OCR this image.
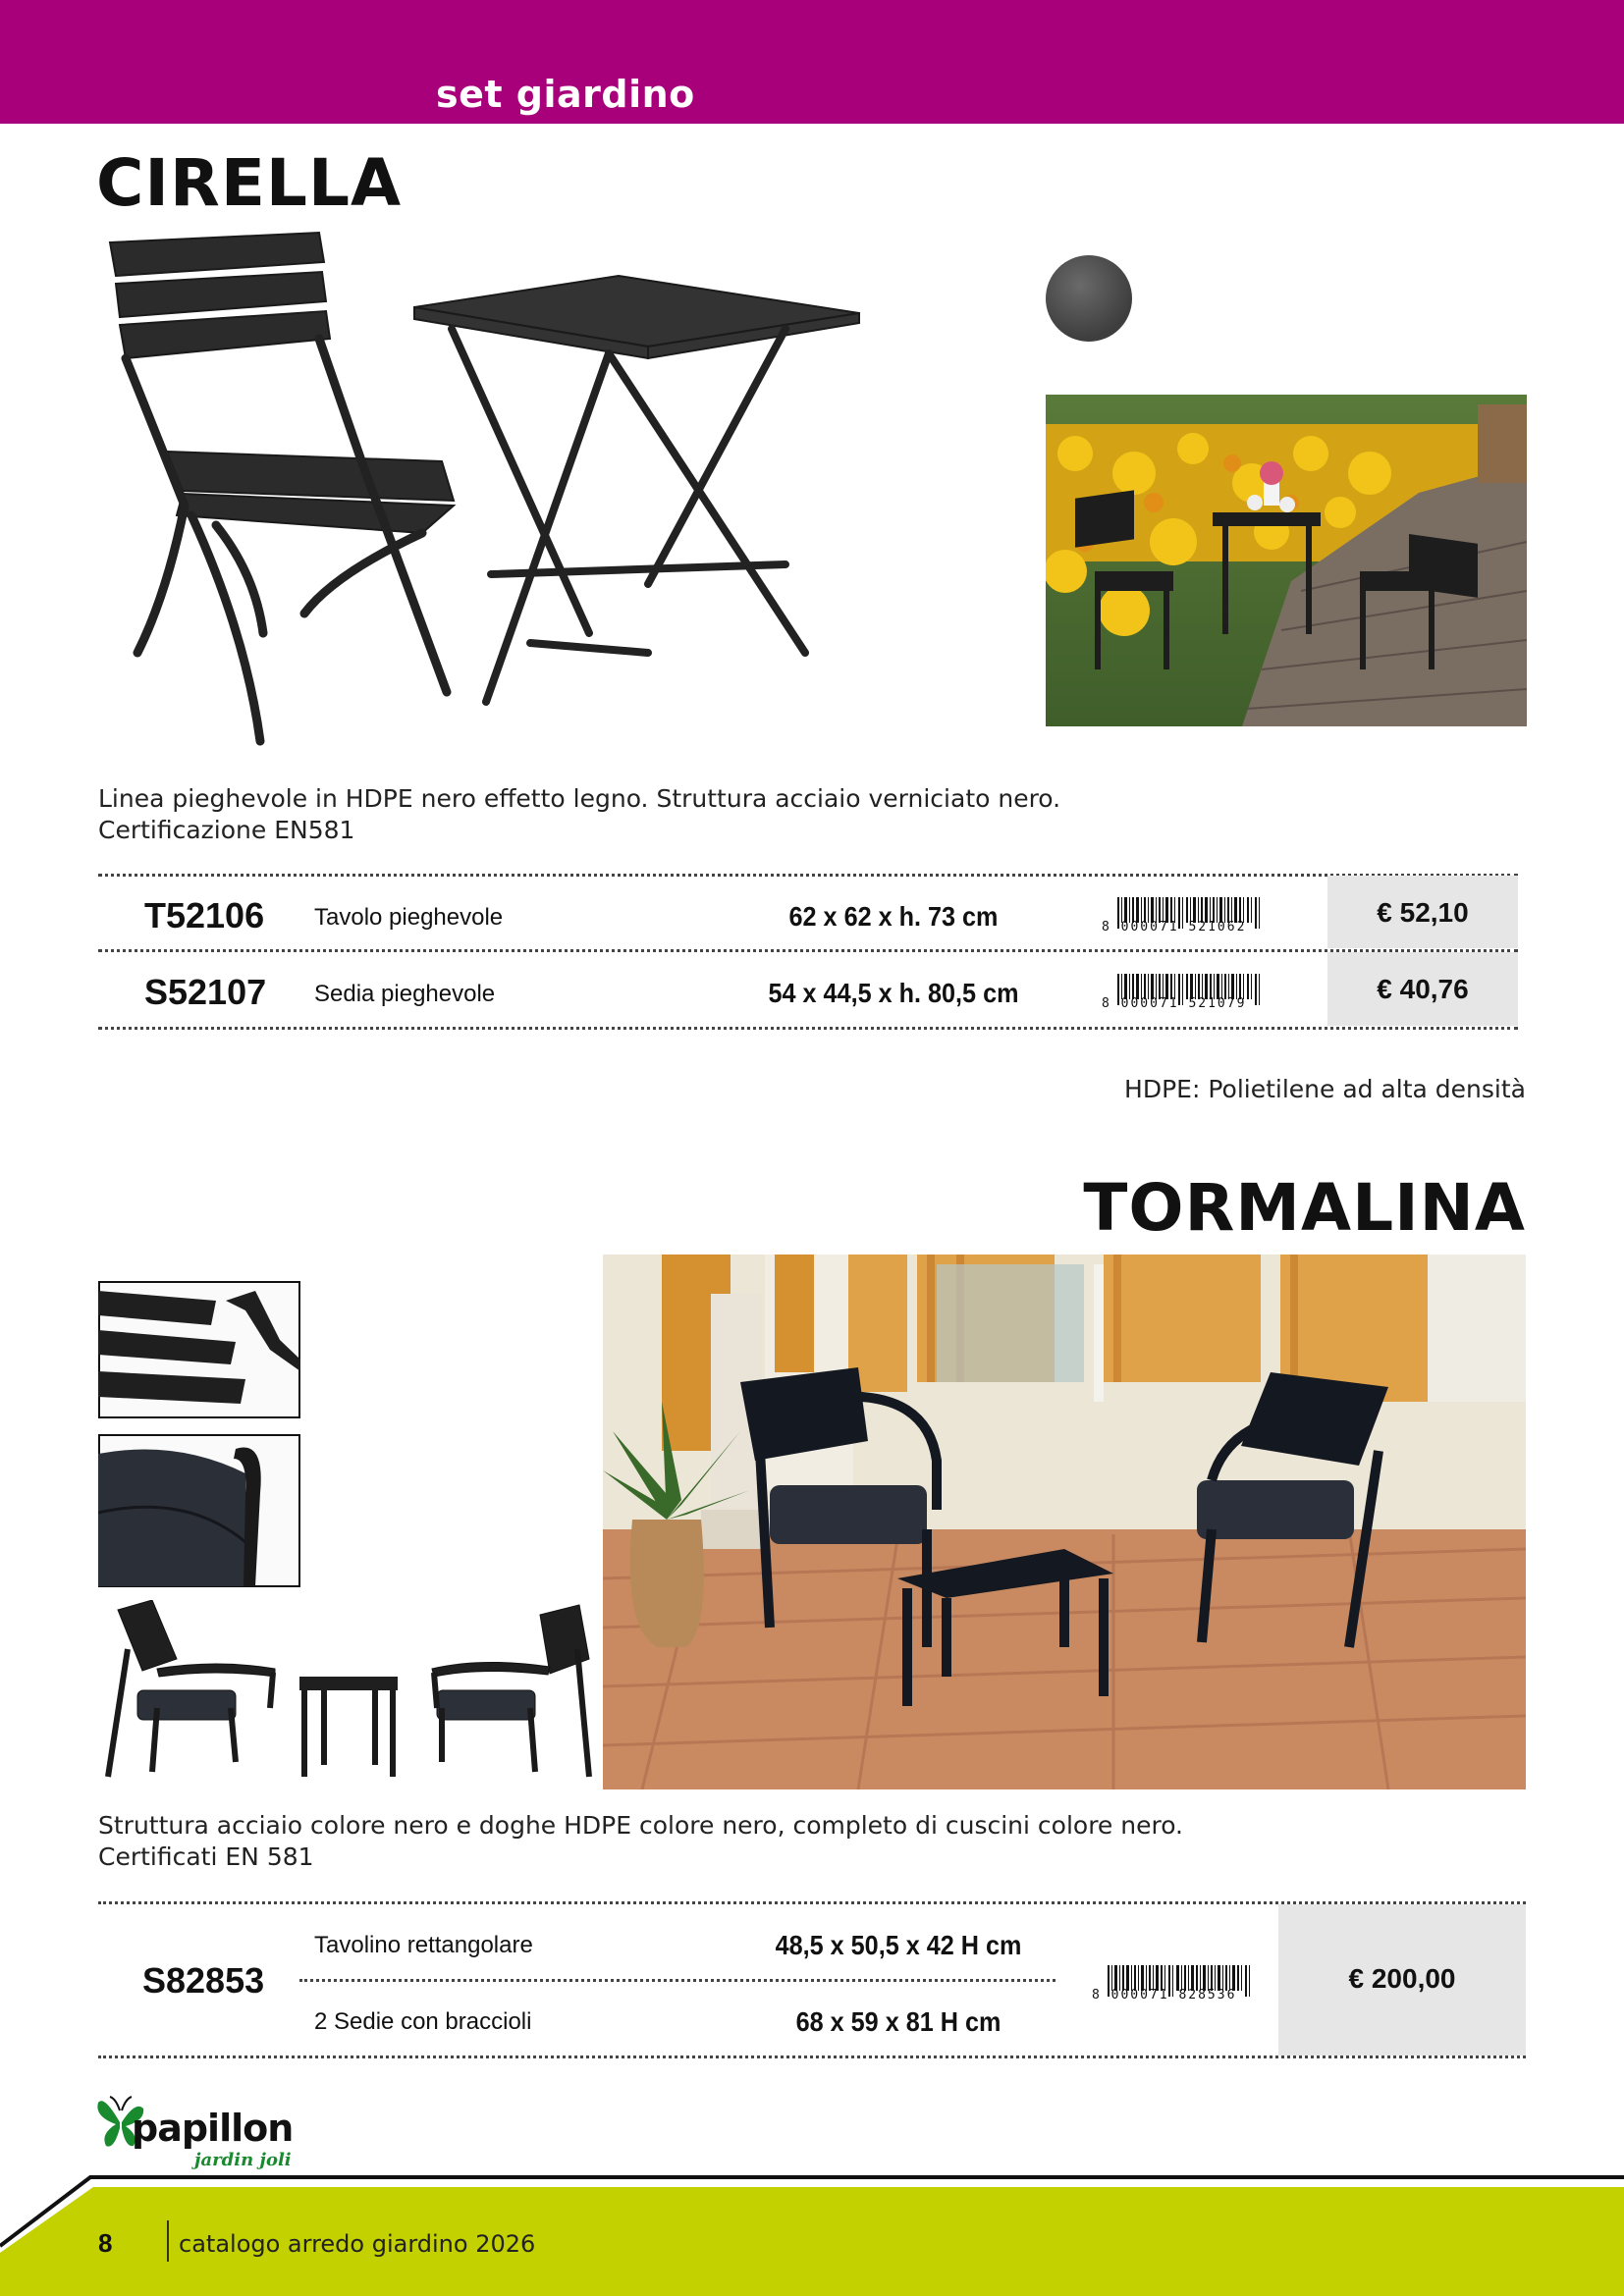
set giardino
CIRELLA
Linea pieghevole in HDPE nero effetto legno. Struttura acciaio verniciato nero.
Certificazione EN581
T52106 Tavolo pieghevole	62 x 62 x h. 73 cm	8 000071 521062	€ 52,10
S52107 Sedia pieghevole	54 x 44,5 x h. 80,5 cm	8 000071 521079	€ 40,76
HDPE: Polietilene ad alta densità
TORMALINA
Struttura acciaio colore nero e doghe HDPE colore nero, completo di cuscini colore nero.
Certificati EN 581
S82853
Tavolino rettangolare	48,5 x 50,5 x 42 H cm
2 Sedie con braccioli	68 x 59 x 81 H cm
8 000071 828536
€ 200,00
papillon
jardin joli
8	catalogo arredo giardino 2026
